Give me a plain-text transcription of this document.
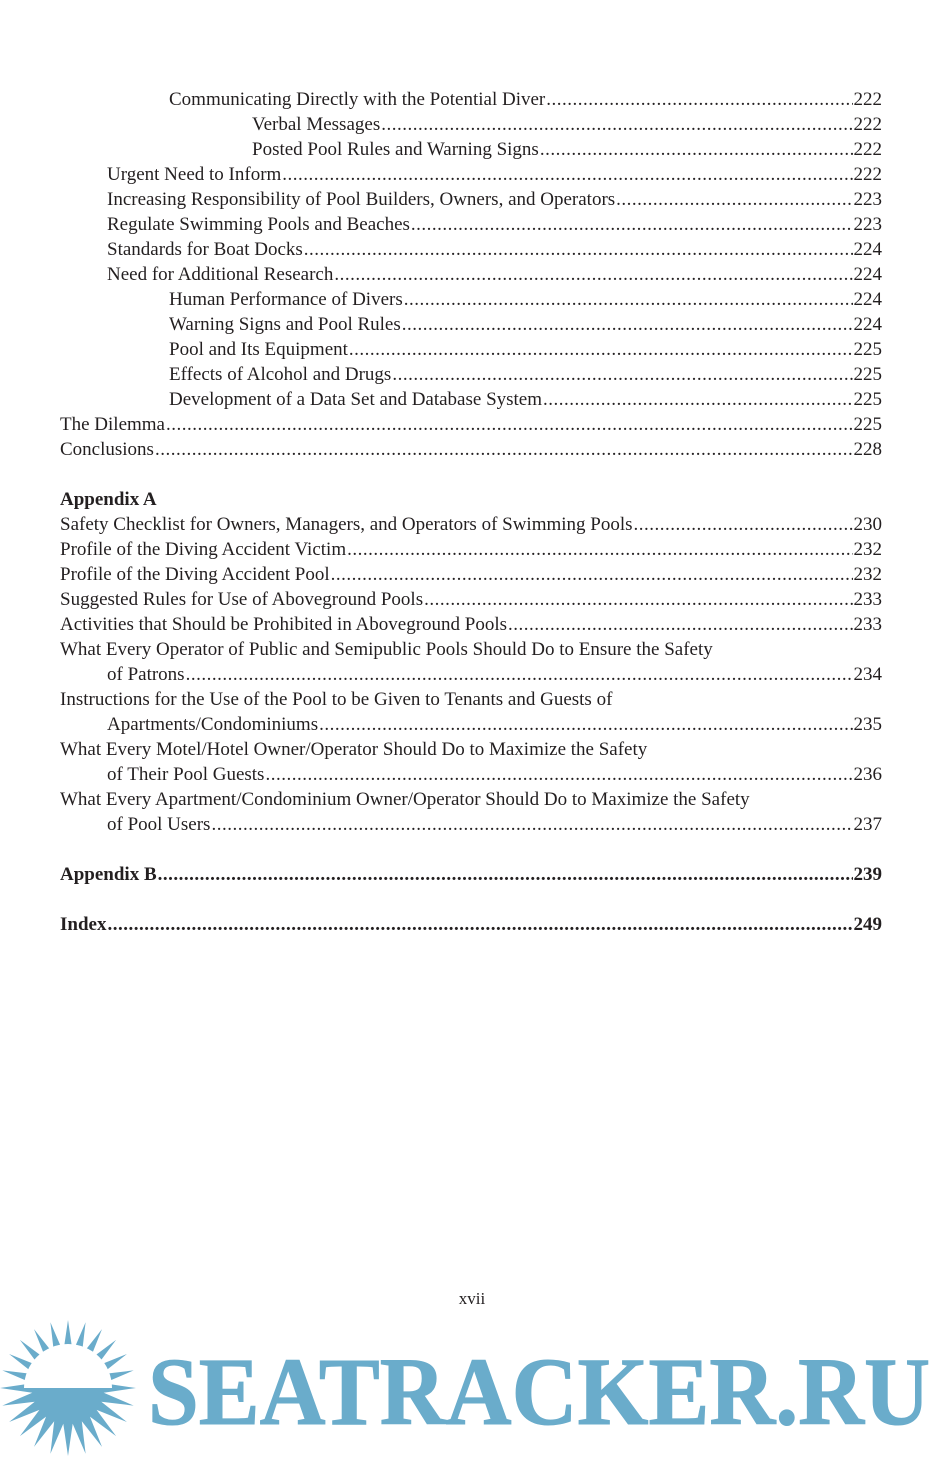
Communicating Directly with the Potential Diver .....	222
Verbal Messages .....	222
Posted Pool Rules and Warning Signs .....	222
Urgent Need to Inform .....	222
Increasing Responsibility of Pool Builders, Owners, and Operators .....	223
Regulate Swimming Pools and Beaches .....	223
Standards for Boat Docks .....	224
Need for Additional Research .....	224
Human Performance of Divers .....	224
Warning Signs and Pool Rules .....	224
Pool and Its Equipment .....	225
Effects of Alcohol and Drugs .....	225
Development of a Data Set and Database System .....	225
The Dilemma .....	225
Conclusions .....	228
Appendix A
Safety Checklist for Owners, Managers, and Operators of Swimming Pools .....	230
Profile of the Diving Accident Victim .....	232
Profile of the Diving Accident Pool .....	232
Suggested Rules for Use of Aboveground Pools .....	233
Activities that Should be Prohibited in Aboveground Pools .....	233
What Every Operator of Public and Semipublic Pools Should Do to Ensure the Safety
of Patrons .....	234
Instructions for the Use of the Pool to be Given to Tenants and Guests of
Apartments/Condominiums .....	235
What Every Motel/Hotel Owner/Operator Should Do to Maximize the Safety
of Their Pool Guests .....	236
What Every Apartment/Condominium Owner/Operator Should Do to Maximize the Safety
of Pool Users .....	237
Appendix B .....	239
Index .....	249
xvii
SEATRACKER.RU
